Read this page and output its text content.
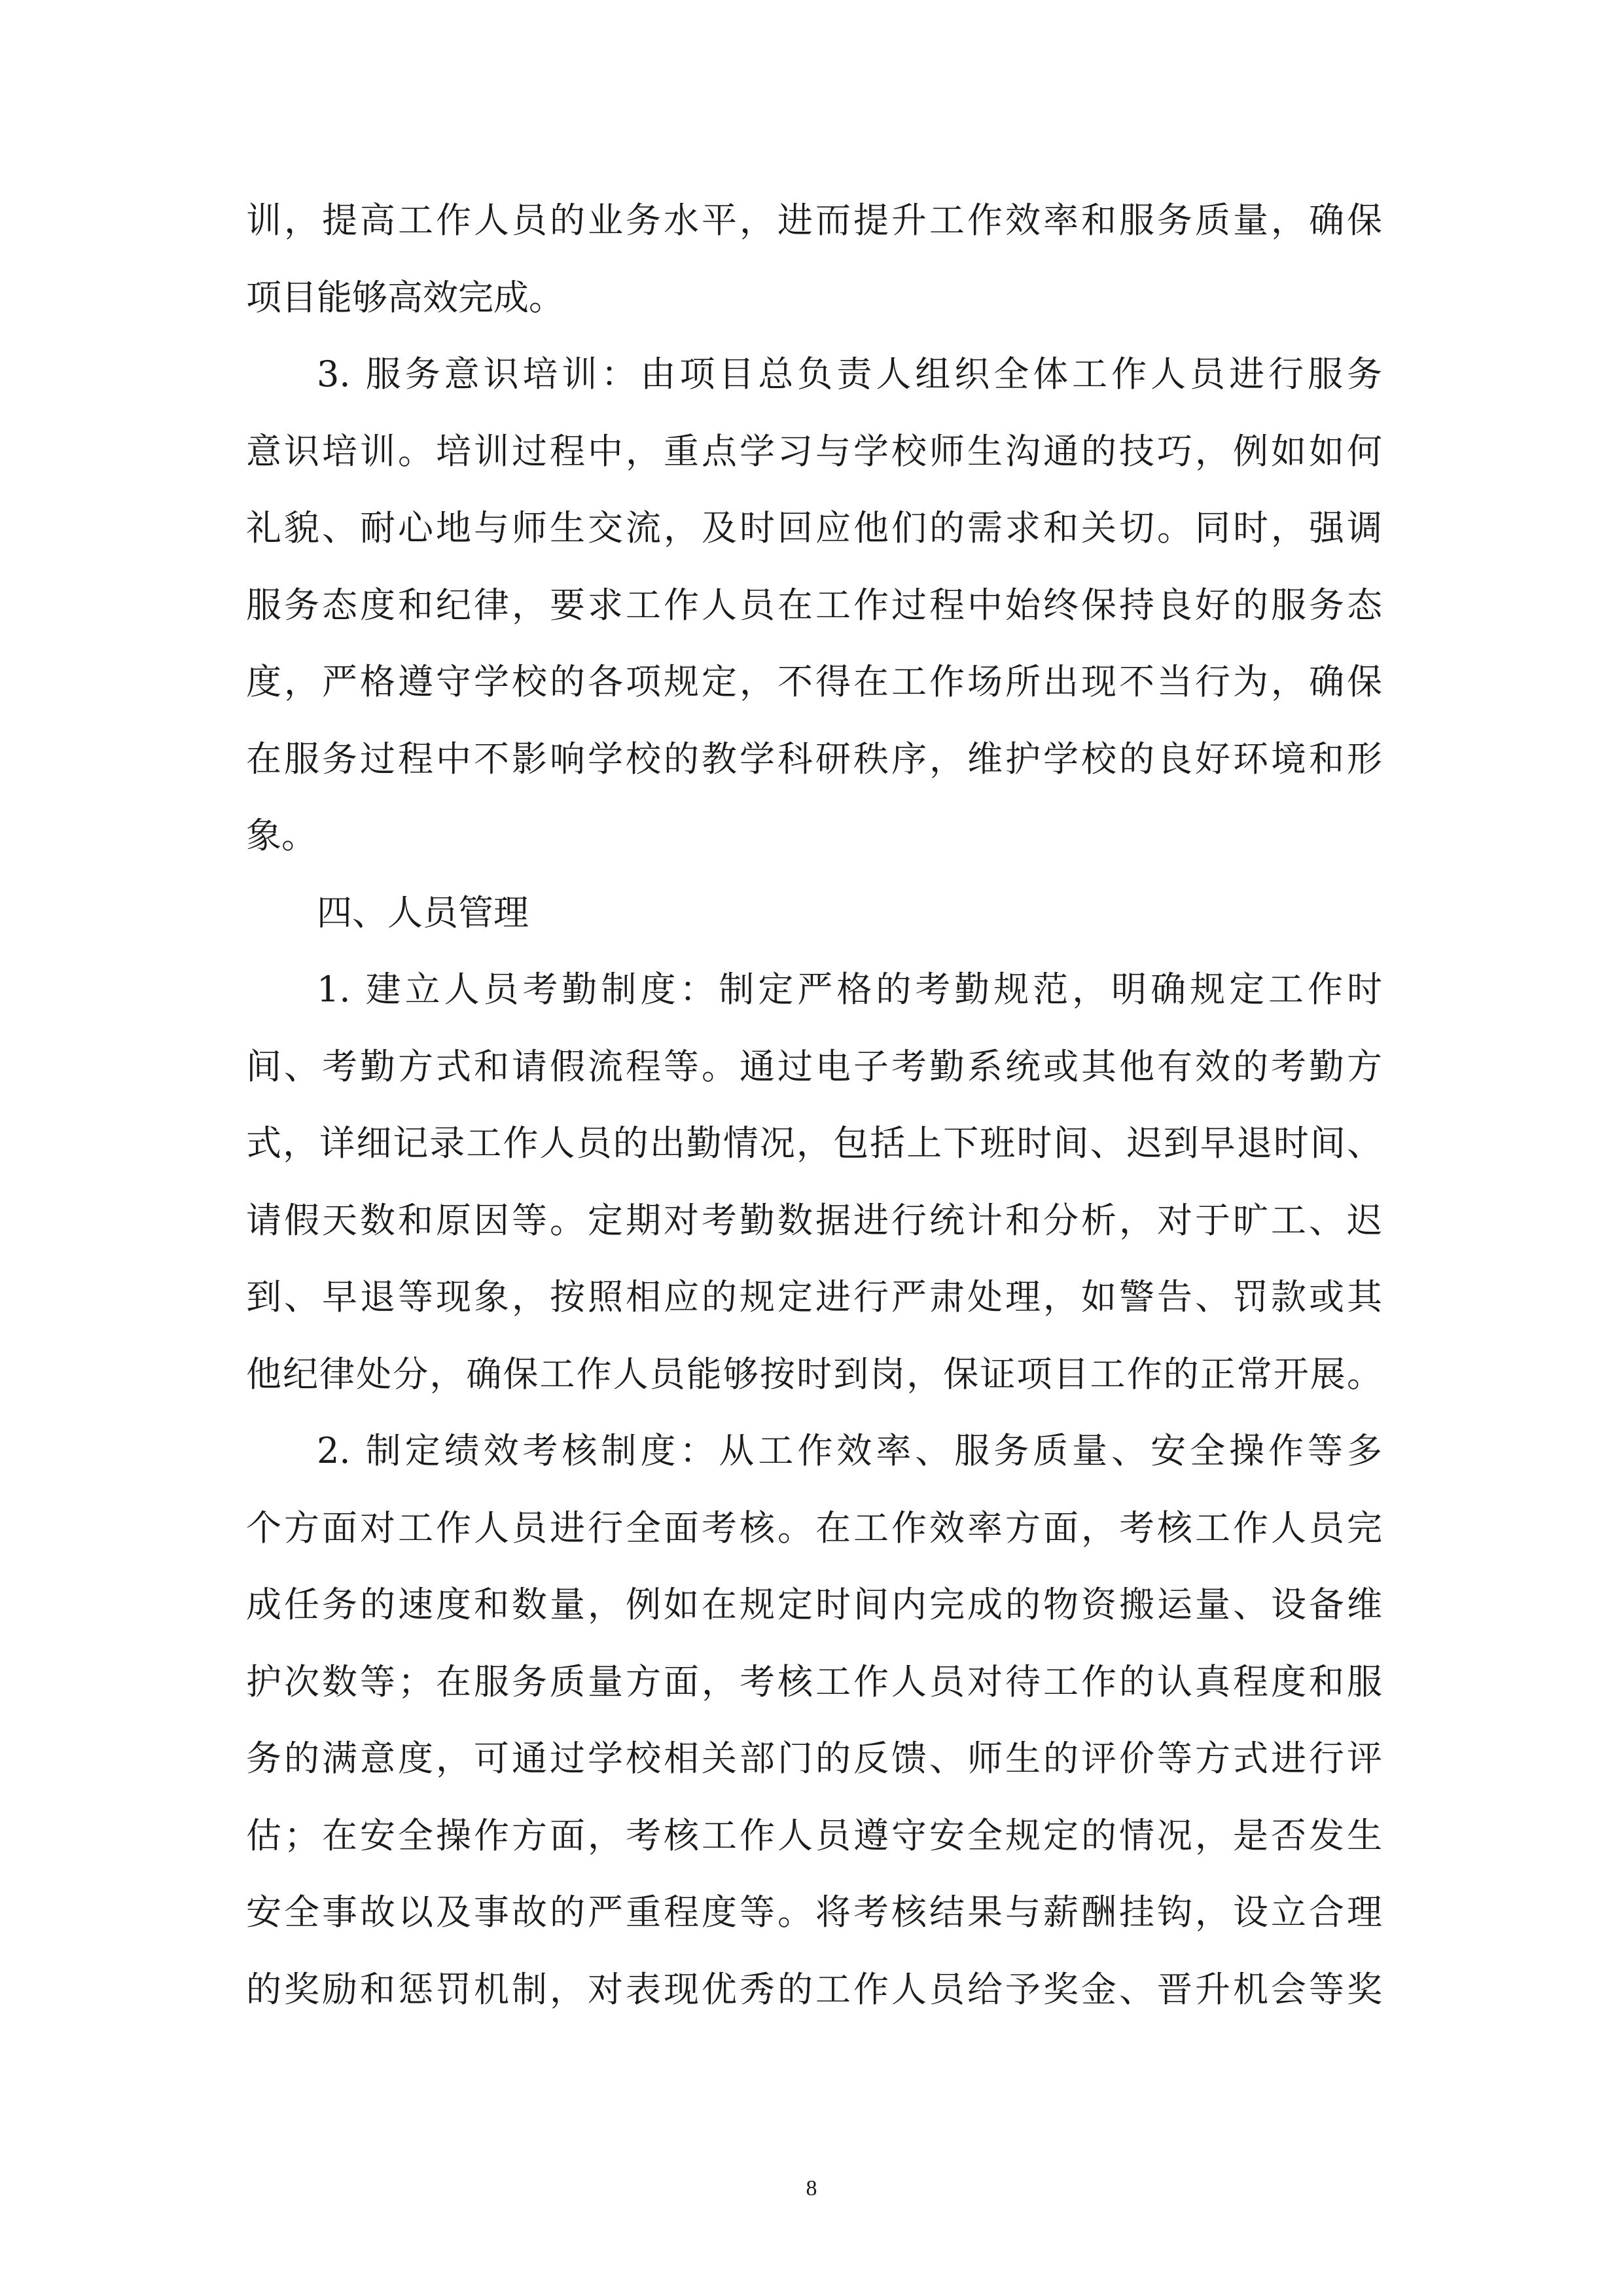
训，提高工作人员的业务水平，进而提升工作效率和服务质量，确保
项目能够高效完成。
3. 服务意识培训：由项目总负责人组织全体工作人员进行服务
意识培训。培训过程中，重点学习与学校师生沟通的技巧，例如如何
礼貌、耐心地与师生交流，及时回应他们的需求和关切。同时，强调
服务态度和纪律，要求工作人员在工作过程中始终保持良好的服务态
度，严格遵守学校的各项规定，不得在工作场所出现不当行为，确保
在服务过程中不影响学校的教学科研秩序，维护学校的良好环境和形
象。
四、人员管理
1. 建立人员考勤制度：制定严格的考勤规范，明确规定工作时
间、考勤方式和请假流程等。通过电子考勤系统或其他有效的考勤方
式，详细记录工作人员的出勤情况，包括上下班时间、迟到早退时间、
请假天数和原因等。定期对考勤数据进行统计和分析，对于旷工、迟
到、早退等现象，按照相应的规定进行严肃处理，如警告、罚款或其
他纪律处分，确保工作人员能够按时到岗，保证项目工作的正常开展。
2. 制定绩效考核制度：从工作效率、服务质量、安全操作等多
个方面对工作人员进行全面考核。在工作效率方面，考核工作人员完
成任务的速度和数量，例如在规定时间内完成的物资搬运量、设备维
护次数等；在服务质量方面，考核工作人员对待工作的认真程度和服
务的满意度，可通过学校相关部门的反馈、师生的评价等方式进行评
估；在安全操作方面，考核工作人员遵守安全规定的情况，是否发生
安全事故以及事故的严重程度等。将考核结果与薪酬挂钩，设立合理
的奖励和惩罚机制，对表现优秀的工作人员给予奖金、晋升机会等奖
8
